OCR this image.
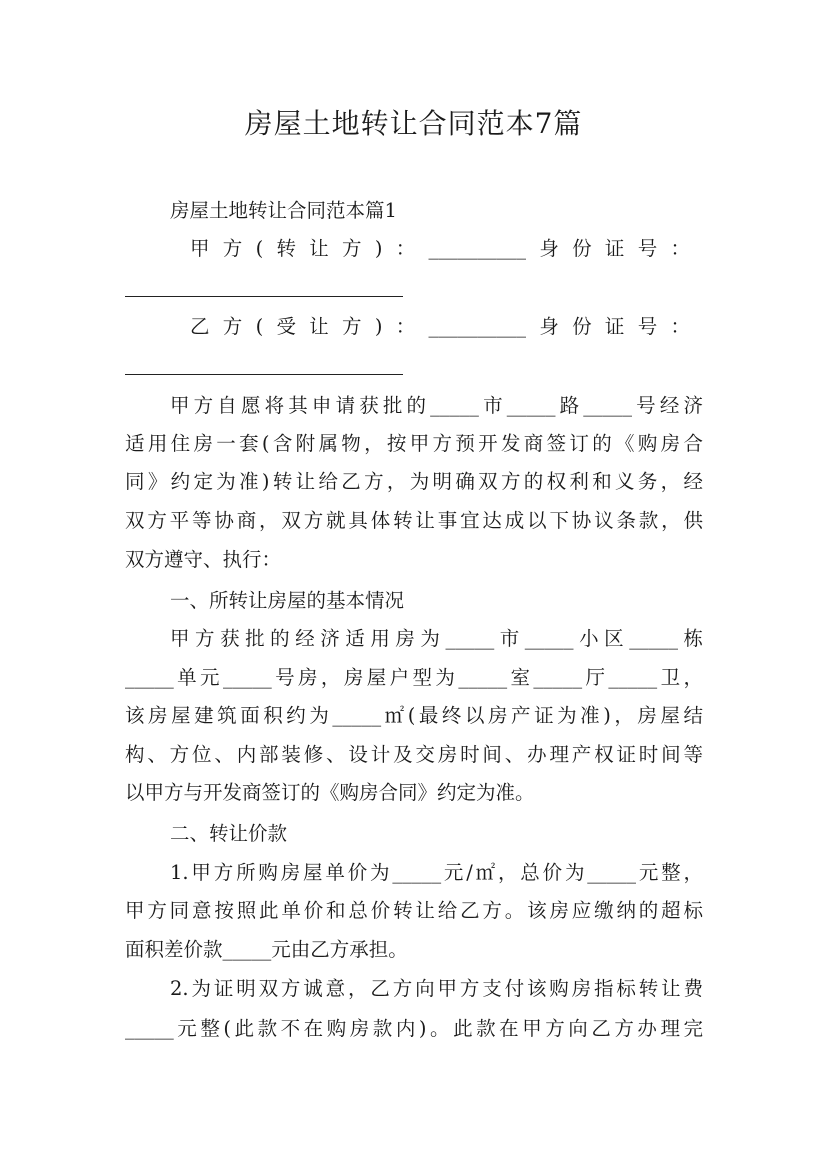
房屋土地转让合同范本7篇
房屋土地转让合同范本篇1
甲方(转让方)：__________身份证号：
乙方(受让方)：__________身份证号：
甲方自愿将其申请获批的_____市_____路_____号经济
适用住房一套(含附属物，按甲方预开发商签订的《购房合
同》约定为准)转让给乙方，为明确双方的权利和义务，经
双方平等协商，双方就具体转让事宜达成以下协议条款，供
双方遵守、执行：
一、所转让房屋的基本情况
甲方获批的经济适用房为_____市_____小区_____栋
_____单元_____号房，房屋户型为_____室_____厅_____卫，
该房屋建筑面积约为_____㎡(最终以房产证为准)，房屋结
构、方位、内部装修、设计及交房时间、办理产权证时间等
以甲方与开发商签订的《购房合同》约定为准。
二、转让价款
1.甲方所购房屋单价为_____元/㎡，总价为_____元整，
甲方同意按照此单价和总价转让给乙方。该房应缴纳的超标
面积差价款_____元由乙方承担。
2.为证明双方诚意，乙方向甲方支付该购房指标转让费
_____元整(此款不在购房款内)。此款在甲方向乙方办理完
